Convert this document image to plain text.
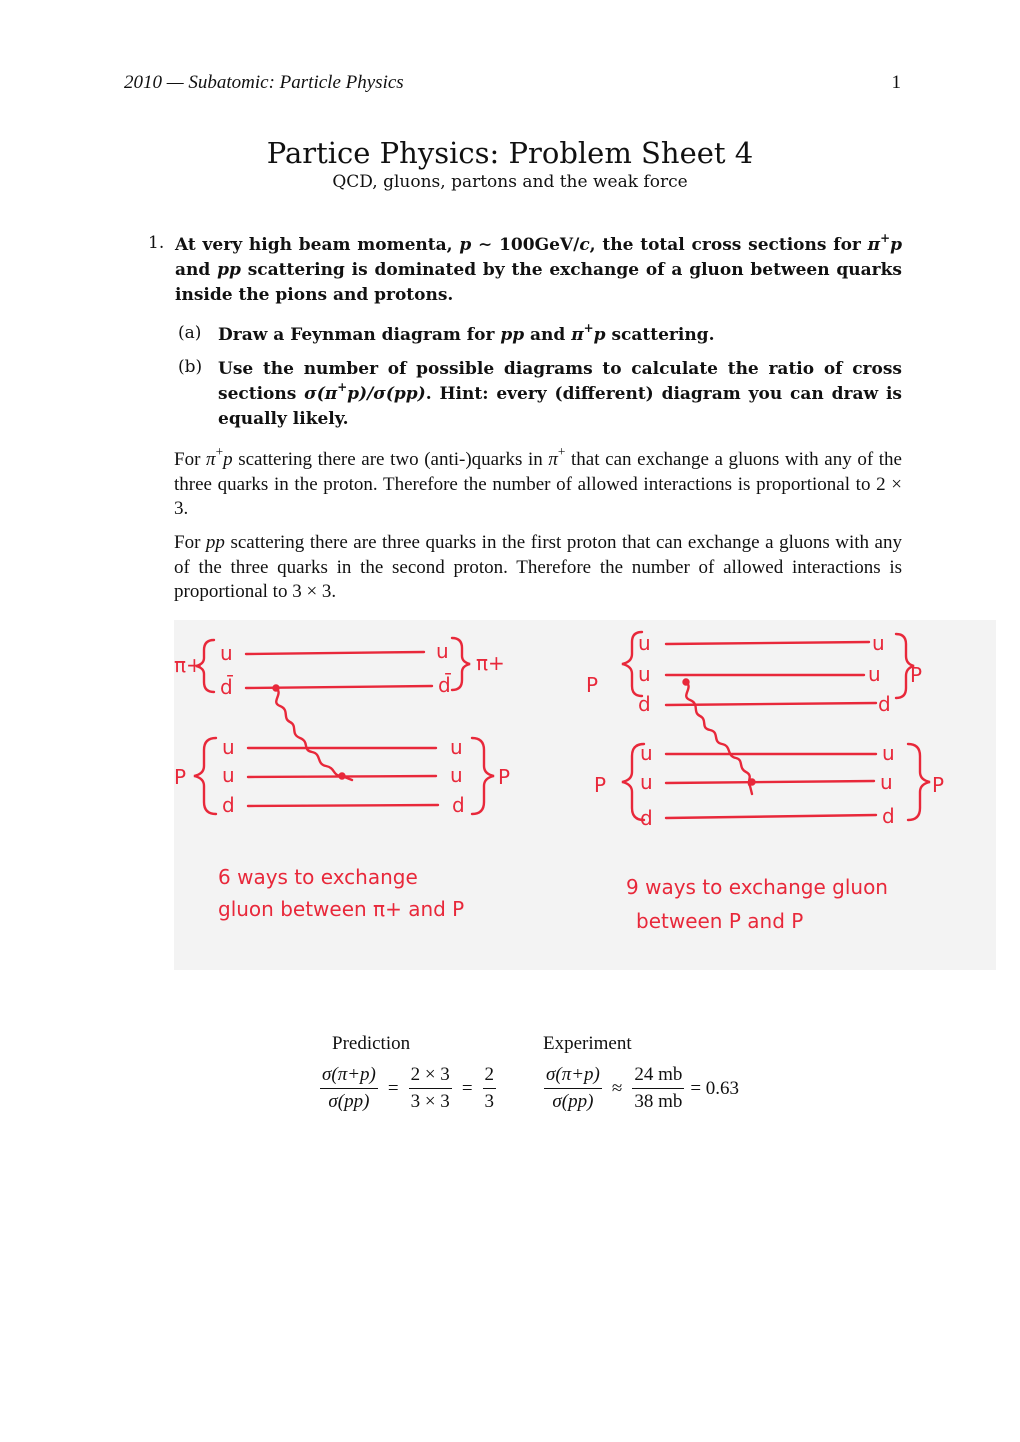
2010 — Subatomic: Particle Physics	1
Partice Physics: Problem Sheet 4
QCD, gluons, partons and the weak force
1. At very high beam momenta, p ∼ 100GeV/c, the total cross sections for π+p and pp scattering is dominated by the exchange of a gluon between quarks inside the pions and protons.
(a) Draw a Feynman diagram for pp and π+p scattering.
(b) Use the number of possible diagrams to calculate the ratio of cross sections σ(π+p)/σ(pp). Hint: every (different) diagram you can draw is equally likely.

For π+p scattering there are two (anti-)quarks in π+ that can exchange a gluons with any of the three quarks in the proton. Therefore the number of allowed interactions is proportional to 2 × 3.

For pp scattering there are three quarks in the first proton that can exchange a gluons with any of the three quarks in the second proton. Therefore the number of allowed interactions is proportional to 3 × 3.

π+ u
d̄
u
d̄
π+
P
u
u
d
u
u
d
P
6 ways to exchange
gluon between π+ and P
P
u
u
d
u
u
d
P
P
u
u
d
u
u
d
P
9 ways to exchange gluon
between P and P
Prediction	Experiment
$\frac{\sigma(\pi+p)}{\sigma(pp)} = \frac{2 \times 3}{3 \times 3} = \frac{2}{3}$	$\frac{\sigma(\pi+p)}{\sigma(pp)} \approx \frac{24 mb}{38 mb} = 0.63$
